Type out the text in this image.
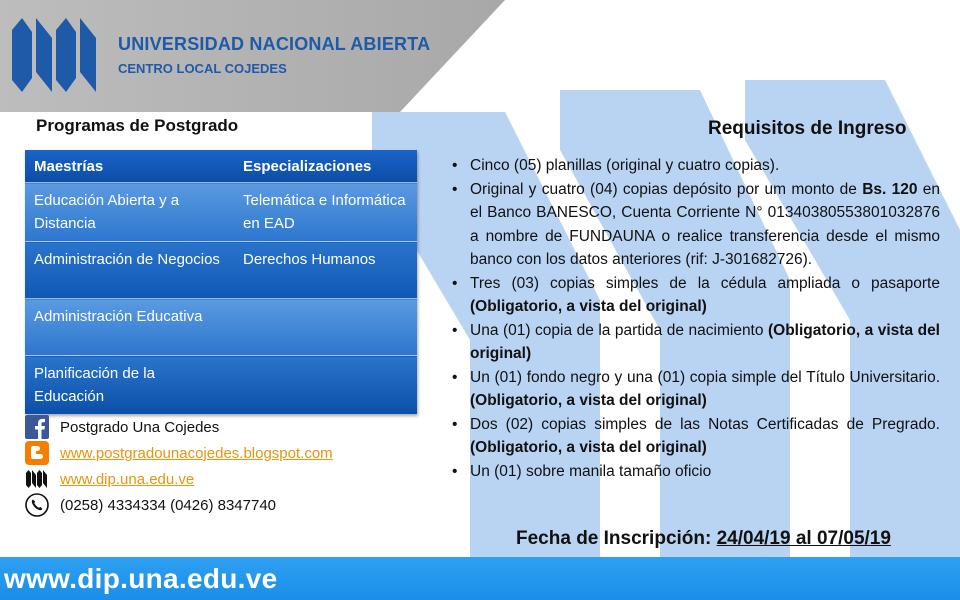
UNIVERSIDAD NACIONAL ABIERTA
CENTRO LOCAL COJEDES
Programas de Postgrado
Maestrías	Especializaciones
Educación Abierta y a Distancia	Telemática e Informática en EAD
Administración de Negocios	Derechos Humanos
Administración Educativa	
Planificación de la Educación	
Postgrado Una Cojedes
www.postgradounacojedes.blogspot.com
www.dip.una.edu.ve
(0258) 4334334 (0426) 8347740
Requisitos de Ingreso
• Cinco (05) planillas (original y cuatro copias).
• Original y cuatro (04) copias depósito por um monto de Bs. 120 en el Banco BANESCO, Cuenta Corriente N° 01340380553801032876 a nombre de FUNDAUNA o realice transferencia desde el mismo banco con los datos anteriores (rif: J-301682726).
• Tres (03) copias simples de la cédula ampliada o pasaporte (Obligatorio, a vista del original)
• Una (01) copia de la partida de nacimiento (Obligatorio, a vista del original)
• Un (01) fondo negro y una (01) copia simple del Título Universitario. (Obligatorio, a vista del original)
• Dos (02) copias simples de las Notas Certificadas de Pregrado. (Obligatorio, a vista del original)
• Un (01) sobre manila tamaño oficio
Fecha de Inscripción: 24/04/19 al 07/05/19
www.dip.una.edu.ve
